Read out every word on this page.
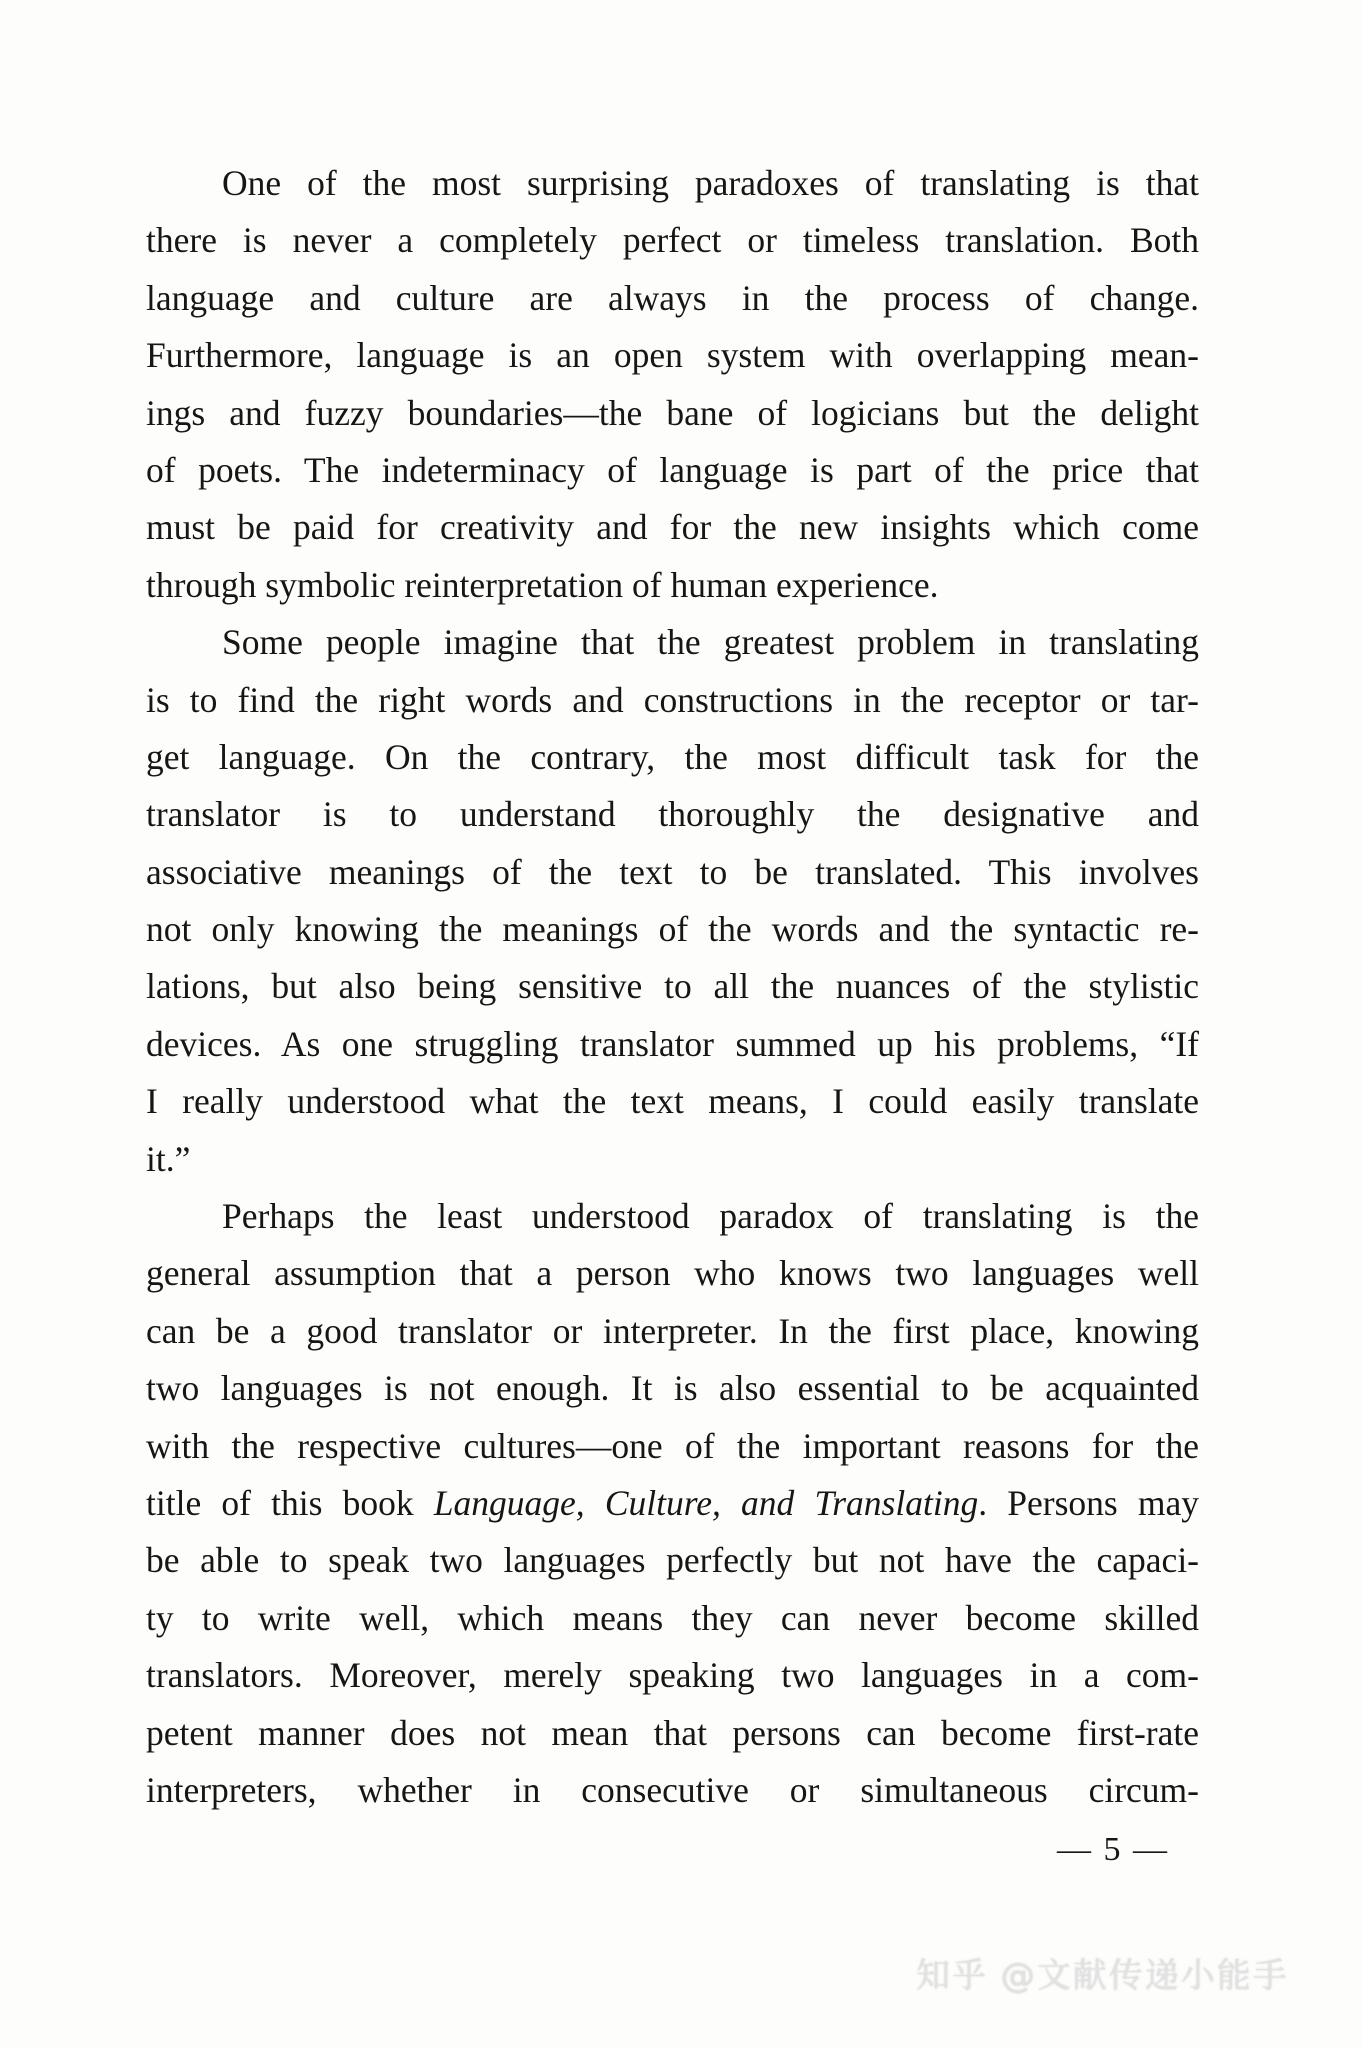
One of the most surprising paradoxes of translating is that
there is never a completely perfect or timeless translation. Both
language and culture are always in the process of change.
Furthermore, language is an open system with overlapping mean-
ings and fuzzy boundaries—the bane of logicians but the delight
of poets. The indeterminacy of language is part of the price that
must be paid for creativity and for the new insights which come
through symbolic reinterpretation of human experience.

Some people imagine that the greatest problem in translating
is to find the right words and constructions in the receptor or tar-
get language. On the contrary, the most difficult task for the
translator is to understand thoroughly the designative and
associative meanings of the text to be translated. This involves
not only knowing the meanings of the words and the syntactic re-
lations, but also being sensitive to all the nuances of the stylistic
devices. As one struggling translator summed up his problems, “If
I really understood what the text means, I could easily translate
it.”

Perhaps the least understood paradox of translating is the
general assumption that a person who knows two languages well
can be a good translator or interpreter. In the first place, knowing
two languages is not enough. It is also essential to be acquainted
with the respective cultures—one of the important reasons for the
title of this book Language, Culture, and Translating. Persons may
be able to speak two languages perfectly but not have the capaci-
ty to write well, which means they can never become skilled
translators. Moreover, merely speaking two languages in a com-
petent manner does not mean that persons can become first-rate
interpreters, whether in consecutive or simultaneous circum-

— 5 —
知乎 @文献传递小能手
